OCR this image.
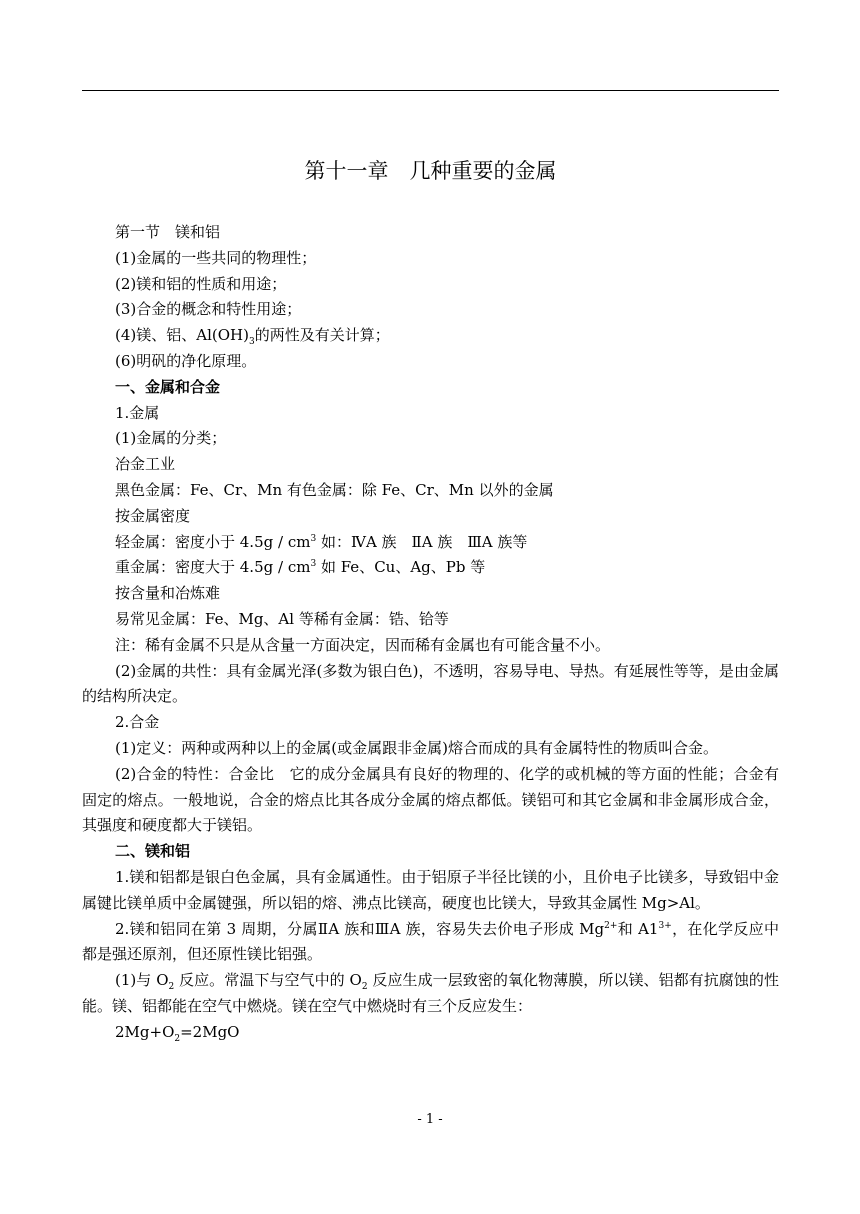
第十一章　几种重要的金属
第一节　镁和铝
(1)金属的一些共同的物理性；
(2)镁和铝的性质和用途；
(3)合金的概念和特性用途；
(4)镁、铝、$Al(OH)_3$的两性及有关计算；
(6)明矾的净化原理。
一、金属和合金
1.金属
(1)金属的分类；
冶金工业
黑色金属：Fe、Cr、Mn 有色金属：除 Fe、Cr、Mn 以外的金属
按金属密度
轻金属：密度小于 $4.5g / cm^3$ 如：ⅣA 族　ⅡA 族　ⅢA 族等
重金属：密度大于 $4.5g / cm^3$ 如 Fe、Cu、Ag、Pb 等
按含量和冶炼难
易常见金属：Fe、Mg、Al 等稀有金属：锆、铪等
注：稀有金属不只是从含量一方面决定，因而稀有金属也有可能含量不小。
(2)金属的共性：具有金属光泽(多数为银白色)，不透明，容易导电、导热。有延展性等等，是由金属的结构所决定。
2.合金
(1)定义：两种或两种以上的金属(或金属跟非金属)熔合而成的具有金属特性的物质叫合金。
(2)合金的特性：合金比　它的成分金属具有良好的物理的、化学的或机械的等方面的性能；合金有固定的熔点。一般地说，合金的熔点比其各成分金属的熔点都低。镁铝可和其它金属和非金属形成合金，其强度和硬度都大于镁铝。
二、镁和铝
1.镁和铝都是银白色金属，具有金属通性。由于铝原子半径比镁的小，且价电子比镁多，导致铝中金属键比镁单质中金属键强，所以铝的熔、沸点比镁高，硬度也比镁大，导致其金属性 Mg>Al。
2.镁和铝同在第 3 周期，分属ⅡA 族和ⅢA 族，容易失去价电子形成 $Mg^{2+}$和 $A1^{3+}$，在化学反应中都是强还原剂，但还原性镁比铝强。
(1)与 $O_2$ 反应。常温下与空气中的 $O_2$ 反应生成一层致密的氧化物薄膜，所以镁、铝都有抗腐蚀的性能。镁、铝都能在空气中燃烧。镁在空气中燃烧时有三个反应发生：
$2Mg+O_2=2MgO$
- 1 -
